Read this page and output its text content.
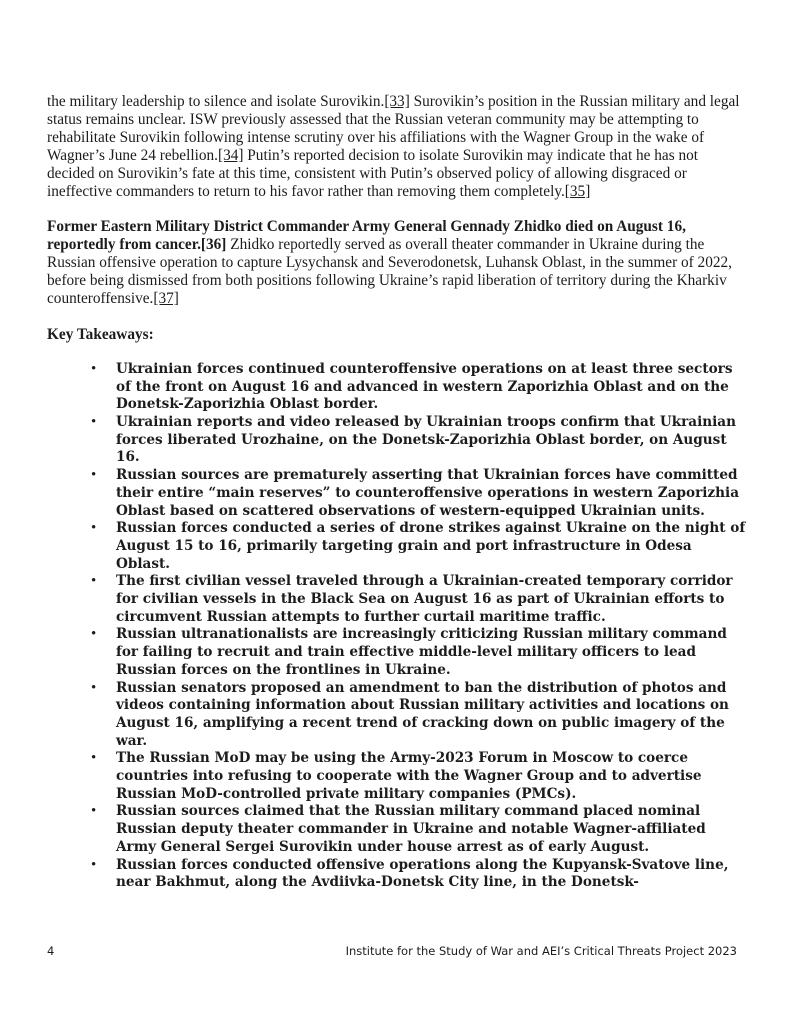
the military leadership to silence and isolate Surovikin.[33] Surovikin’s position in the Russian military and legal status remains unclear. ISW previously assessed that the Russian veteran community may be attempting to rehabilitate Surovikin following intense scrutiny over his affiliations with the Wagner Group in the wake of Wagner’s June 24 rebellion.[34] Putin’s reported decision to isolate Surovikin may indicate that he has not decided on Surovikin’s fate at this time, consistent with Putin’s observed policy of allowing disgraced or ineffective commanders to return to his favor rather than removing them completely.[35]

Former Eastern Military District Commander Army General Gennady Zhidko died on August 16, reportedly from cancer.[36] Zhidko reportedly served as overall theater commander in Ukraine during the Russian offensive operation to capture Lysychansk and Severodonetsk, Luhansk Oblast, in the summer of 2022, before being dismissed from both positions following Ukraine’s rapid liberation of territory during the Kharkiv counteroffensive.[37]

Key Takeaways:
• Ukrainian forces continued counteroffensive operations on at least three sectors of the front on August 16 and advanced in western Zaporizhia Oblast and on the Donetsk-Zaporizhia Oblast border.
• Ukrainian reports and video released by Ukrainian troops confirm that Ukrainian forces liberated Urozhaine, on the Donetsk-Zaporizhia Oblast border, on August 16.
• Russian sources are prematurely asserting that Ukrainian forces have committed their entire “main reserves” to counteroffensive operations in western Zaporizhia Oblast based on scattered observations of western-equipped Ukrainian units.
• Russian forces conducted a series of drone strikes against Ukraine on the night of August 15 to 16, primarily targeting grain and port infrastructure in Odesa Oblast.
• The first civilian vessel traveled through a Ukrainian-created temporary corridor for civilian vessels in the Black Sea on August 16 as part of Ukrainian efforts to circumvent Russian attempts to further curtail maritime traffic.
• Russian ultranationalists are increasingly criticizing Russian military command for failing to recruit and train effective middle-level military officers to lead Russian forces on the frontlines in Ukraine.
• Russian senators proposed an amendment to ban the distribution of photos and videos containing information about Russian military activities and locations on August 16, amplifying a recent trend of cracking down on public imagery of the war.
• The Russian MoD may be using the Army-2023 Forum in Moscow to coerce countries into refusing to cooperate with the Wagner Group and to advertise Russian MoD-controlled private military companies (PMCs).
• Russian sources claimed that the Russian military command placed nominal Russian deputy theater commander in Ukraine and notable Wagner-affiliated Army General Sergei Surovikin under house arrest as of early August.
• Russian forces conducted offensive operations along the Kupyansk-Svatove line, near Bakhmut, along the Avdiivka-Donetsk City line, in the Donetsk-
4	Institute for the Study of War and AEI’s Critical Threats Project 2023
